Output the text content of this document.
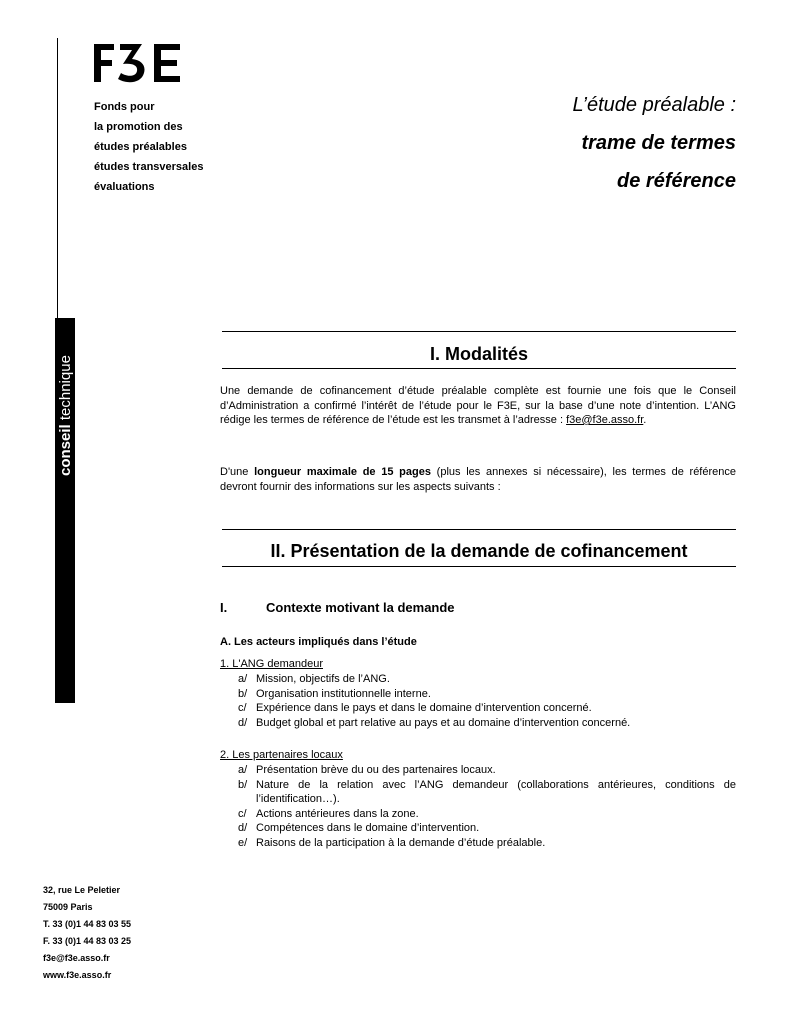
conseil technique
Fonds pour
la promotion des
études préalables
études transversales
évaluations
L’étude préalable :
trame de termes
de référence
I. Modalités
Une demande de cofinancement d’étude préalable complète est fournie une fois que le Conseil d’Administration a confirmé l’intérêt de l’étude pour le F3E, sur la base d’une note d’intention. L’ANG rédige les termes de référence de l’étude est les transmet à l’adresse : f3e@f3e.asso.fr.
D'une longueur maximale de 15 pages (plus les annexes si nécessaire), les termes de référence devront fournir des informations sur les aspects suivants :
II. Présentation de la demande de cofinancement
I.	Contexte motivant la demande
A. Les acteurs impliqués dans l’étude
1. L'ANG demandeur
a/ Mission, objectifs de l’ANG.
b/ Organisation institutionnelle interne.
c/ Expérience dans le pays et dans le domaine d’intervention concerné.
d/ Budget global et part relative au pays et au domaine d’intervention concerné.
2. Les partenaires locaux
a/ Présentation brève du ou des partenaires locaux.
b/ Nature de la relation avec l’ANG demandeur (collaborations antérieures, conditions de l’identification…).
c/ Actions antérieures dans la zone.
d/ Compétences dans le domaine d’intervention.
e/ Raisons de la participation à la demande d’étude préalable.
32, rue Le Peletier
75009 Paris
T. 33 (0)1 44 83 03 55
F. 33 (0)1 44 83 03 25
f3e@f3e.asso.fr
www.f3e.asso.fr
